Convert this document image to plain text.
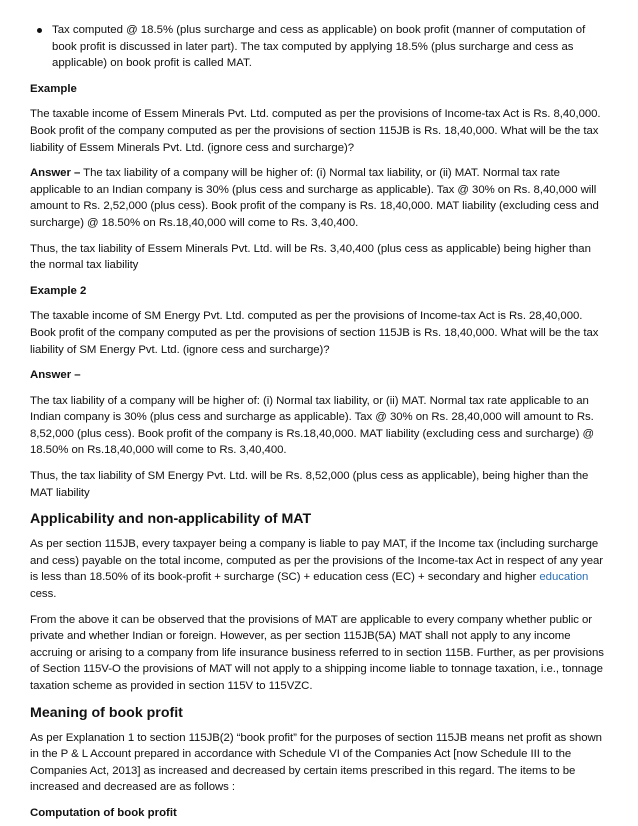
Tax computed @ 18.5% (plus surcharge and cess as applicable) on book profit (manner of computation of book profit is discussed in later part). The tax computed by applying 18.5% (plus surcharge and cess as applicable) on book profit is called MAT.

Example

The taxable income of Essem Minerals Pvt. Ltd. computed as per the provisions of Income-tax Act is Rs. 8,40,000. Book profit of the company computed as per the provisions of section 115JB is Rs. 18,40,000. What will be the tax liability of Essem Minerals Pvt. Ltd. (ignore cess and surcharge)?

Answer – The tax liability of a company will be higher of: (i) Normal tax liability, or (ii) MAT. Normal tax rate applicable to an Indian company is 30% (plus cess and surcharge as applicable). Tax @ 30% on Rs. 8,40,000 will amount to Rs. 2,52,000 (plus cess). Book profit of the company is Rs. 18,40,000. MAT liability (excluding cess and surcharge) @ 18.50% on Rs.18,40,000 will come to Rs. 3,40,400.

Thus, the tax liability of Essem Minerals Pvt. Ltd. will be Rs. 3,40,400 (plus cess as applicable) being higher than the normal tax liability

Example 2

The taxable income of SM Energy Pvt. Ltd. computed as per the provisions of Income-tax Act is Rs. 28,40,000. Book profit of the company computed as per the provisions of section 115JB is Rs. 18,40,000. What will be the tax liability of SM Energy Pvt. Ltd. (ignore cess and surcharge)?

Answer –

The tax liability of a company will be higher of: (i) Normal tax liability, or (ii) MAT. Normal tax rate applicable to an Indian company is 30% (plus cess and surcharge as applicable). Tax @ 30% on Rs. 28,40,000 will amount to Rs. 8,52,000 (plus cess). Book profit of the company is Rs.18,40,000. MAT liability (excluding cess and surcharge) @ 18.50% on Rs.18,40,000 will come to Rs. 3,40,400.

Thus, the tax liability of SM Energy Pvt. Ltd. will be Rs. 8,52,000 (plus cess as applicable), being higher than the MAT liability

Applicability and non-applicability of MAT

As per section 115JB, every taxpayer being a company is liable to pay MAT, if the Income tax (including surcharge and cess) payable on the total income, computed as per the provisions of the Income-tax Act in respect of any year is less than 18.50% of its book-profit + surcharge (SC) + education cess (EC) + secondary and higher education cess.

From the above it can be observed that the provisions of MAT are applicable to every company whether public or private and whether Indian or foreign. However, as per section 115JB(5A) MAT shall not apply to any income accruing or arising to a company from life insurance business referred to in section 115B. Further, as per provisions of Section 115V-O the provisions of MAT will not apply to a shipping income liable to tonnage taxation, i.e., tonnage taxation scheme as provided in section 115V to 115VZC.

Meaning of book profit

As per Explanation 1 to section 115JB(2) “book profit” for the purposes of section 115JB means net profit as shown in the P & L Account prepared in accordance with Schedule VI of the Companies Act [now Schedule III to the Companies Act, 2013] as increased and decreased by certain items prescribed in this regard. The items to be increased and decreased are as follows :

Computation of book profit
